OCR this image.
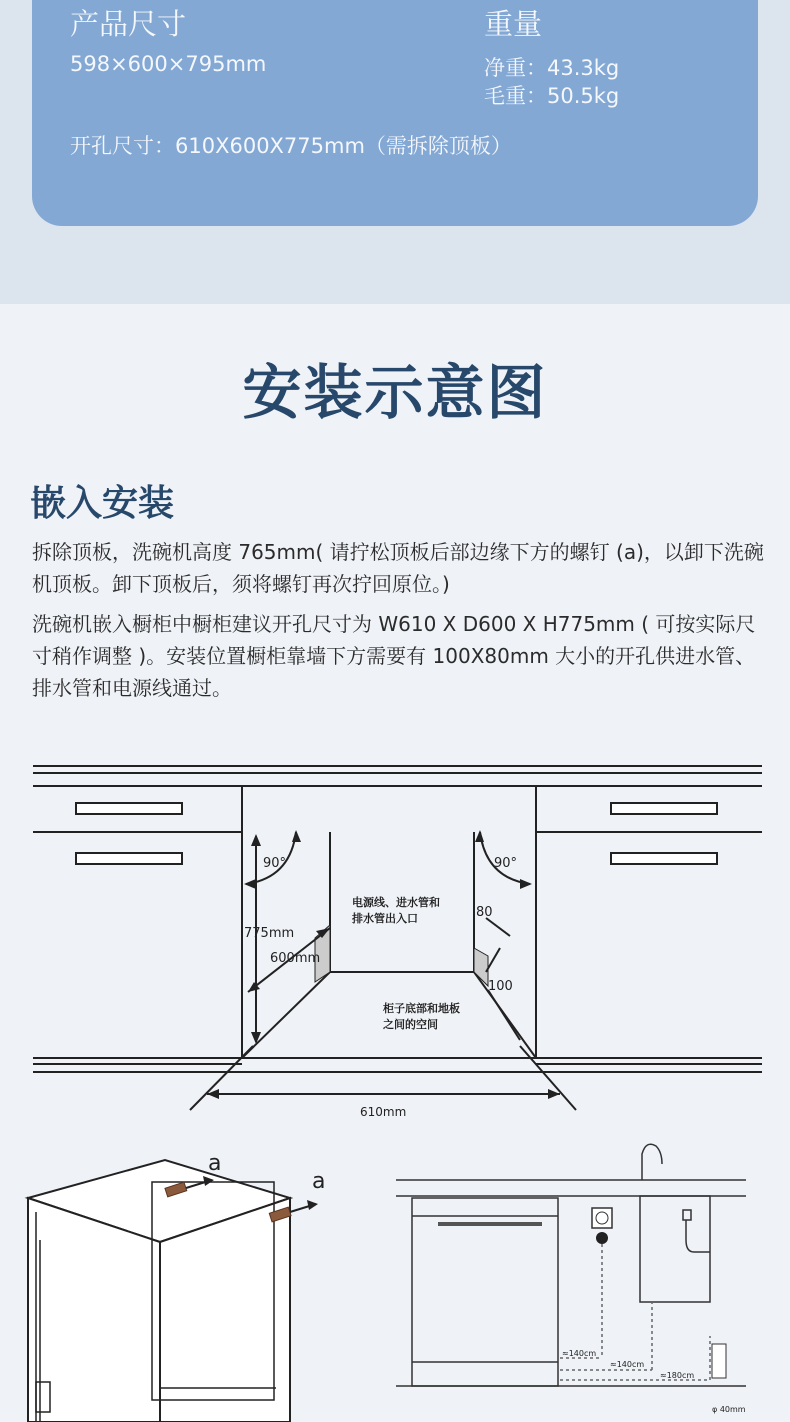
产品尺寸
598×600×795mm
重量
净重：43.3kg
毛重：50.5kg
开孔尺寸：610X600X775mm（需拆除顶板）
安装示意图
嵌入安装
拆除顶板，洗碗机高度 765mm( 请拧松顶板后部边缘下方的螺钉 (a)，以卸下洗碗机顶板。卸下顶板后，须将螺钉再次拧回原位。)
洗碗机嵌入橱柜中橱柜建议开孔尺寸为 W610 X D600 X H775mm ( 可按实际尺寸稍作调整 )。安装位置橱柜靠墙下方需要有 100X80mm 大小的开孔供进水管、排水管和电源线通过。
90°	90°
775mm
600mm
610mm
80
100
电源线、进水管和
排水管出入口
柜子底部和地板
之间的空间
a
a
≈140cm
≈140cm
≈180cm
φ 40mm
